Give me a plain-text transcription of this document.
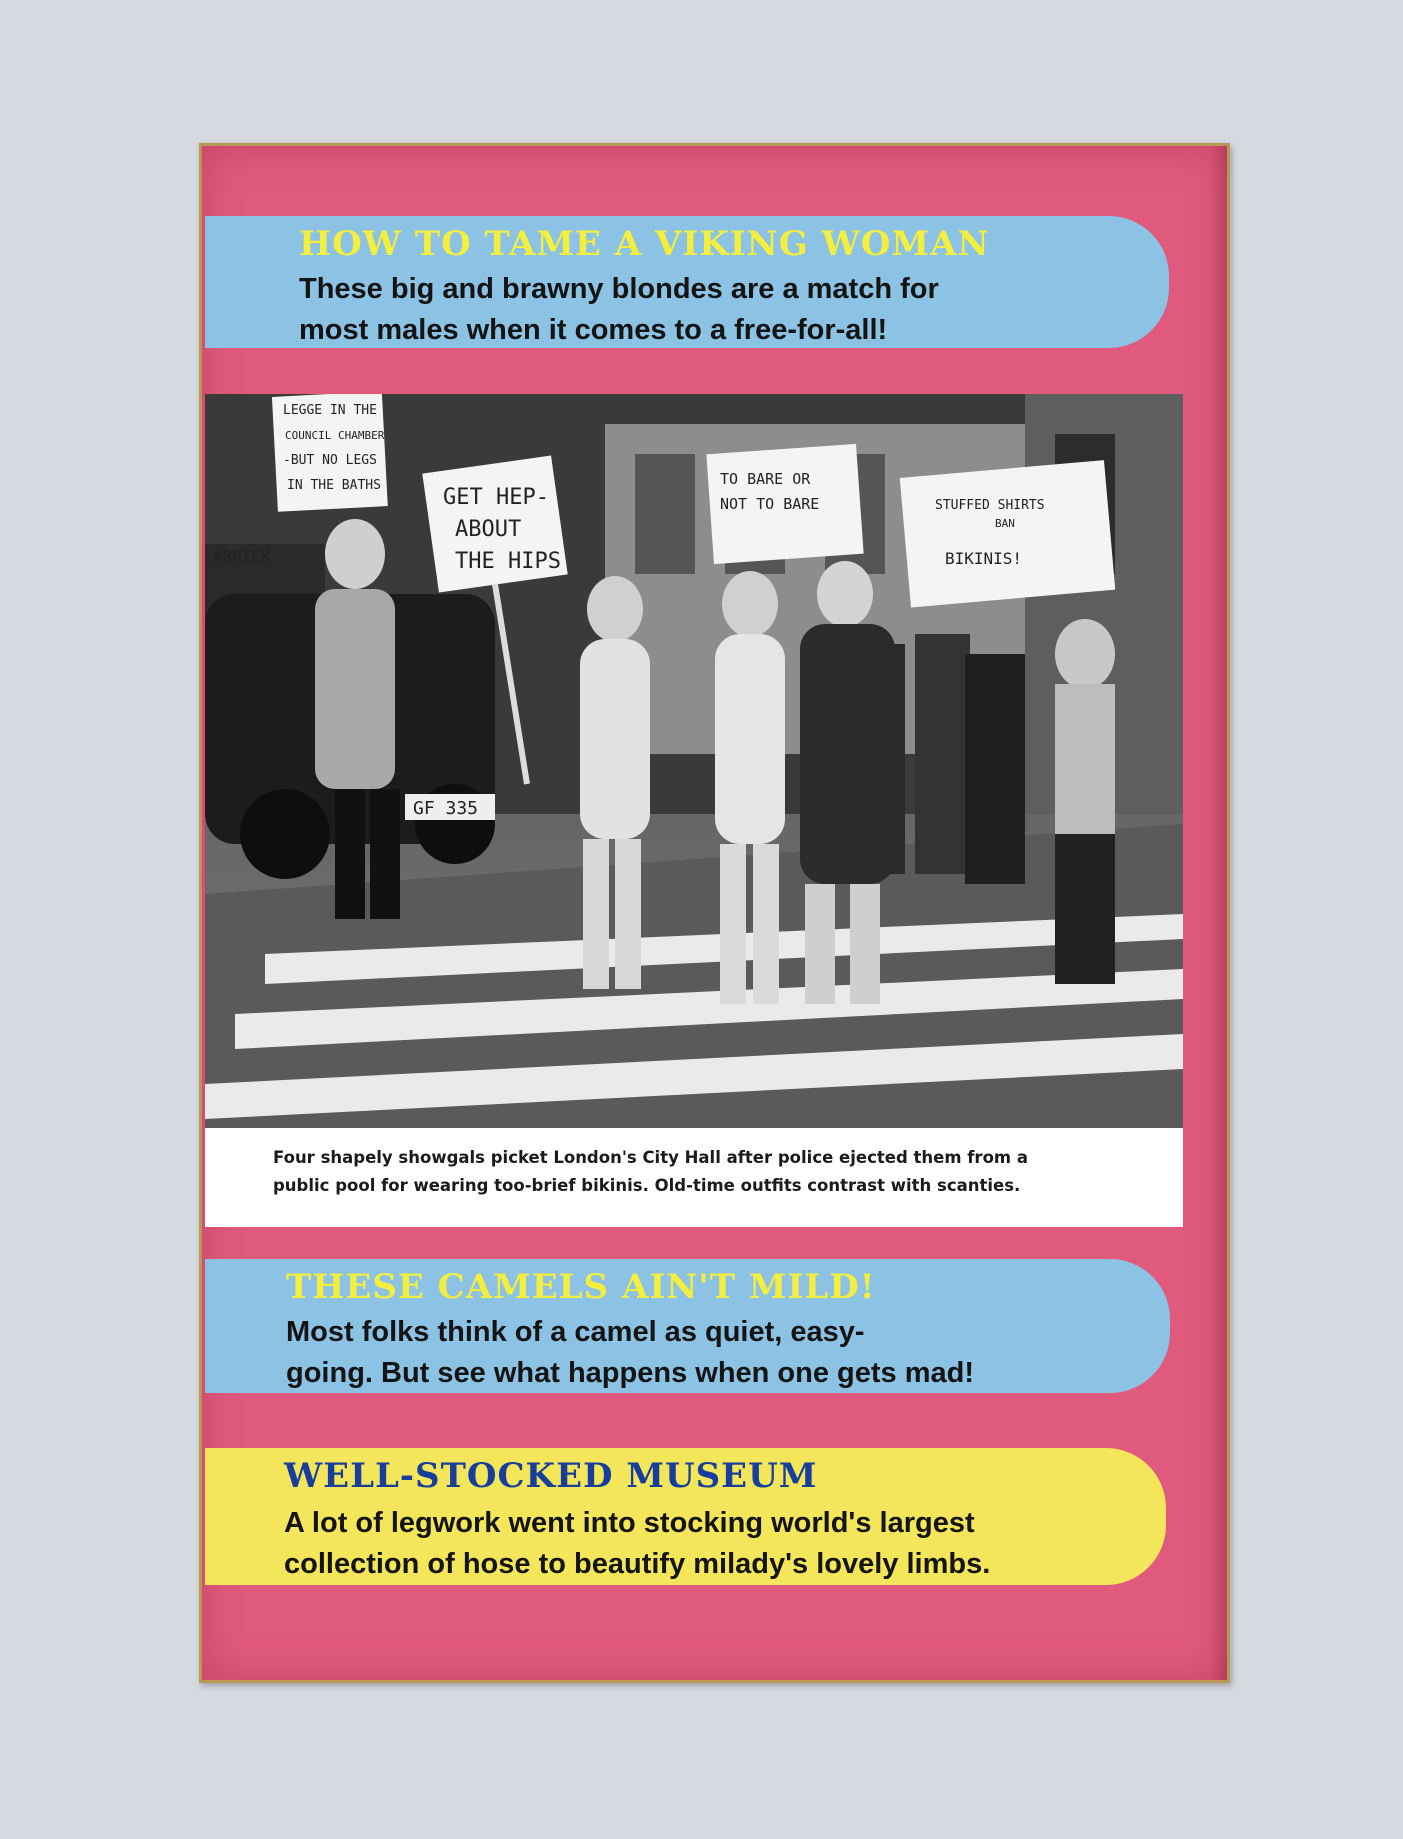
HOW TO TAME A VIKING WOMAN
These big and brawny blondes are a match for
most males when it comes to a free-for-all!
ARRICK
GF 335
LEGGE IN THE
COUNCIL CHAMBER
-BUT NO LEGS
IN THE BATHS	GET HEP-
ABOUT
THE HIPS
TO BARE OR
NOT TO BARE	STUFFED SHIRTS
BAN
BIKINIS!
Four shapely showgals picket London's City Hall after police ejected them from a
public pool for wearing too-brief bikinis. Old-time outfits contrast with scanties.
THESE CAMELS AIN'T MILD!
Most folks think of a camel as quiet, easy-
going. But see what happens when one gets mad!
WELL-STOCKED MUSEUM
A lot of legwork went into stocking world's largest
collection of hose to beautify milady's lovely limbs.
